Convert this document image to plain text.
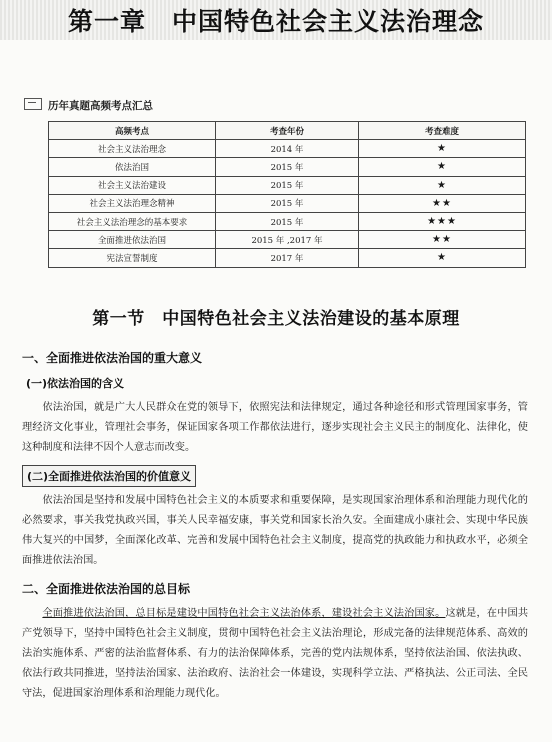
第一章　中国特色社会主义法治理念
历年真题高频考点汇总
高频考点	考查年份	考查难度
社会主义法治理念	2014 年	★
依法治国	2015 年	★
社会主义法治建设	2015 年	★
社会主义法治理念精神	2015 年	★★
社会主义法治理念的基本要求	2015 年	★★★
全面推进依法治国	2015 年 ,2017 年	★★
宪法宣誓制度	2017 年	★
第一节　中国特色社会主义法治建设的基本原理
一、全面推进依法治国的重大意义
(一)依法治国的含义

依法治国，就是广大人民群众在党的领导下，依照宪法和法律规定，通过各种途径和形式管理国家事务，管理经济文化事业，管理社会事务，保证国家各项工作都依法进行，逐步实现社会主义民主的制度化、法律化，使这种制度和法律不因个人意志而改变。

(二)全面推进依法治国的价值意义

依法治国是坚持和发展中国特色社会主义的本质要求和重要保障，是实现国家治理体系和治理能力现代化的必然要求，事关我党执政兴国，事关人民幸福安康，事关党和国家长治久安。全面建成小康社会、实现中华民族伟大复兴的中国梦，全面深化改革、完善和发展中国特色社会主义制度，提高党的执政能力和执政水平，必须全面推进依法治国。

二、全面推进依法治国的总目标

全面推进依法治国，总目标是建设中国特色社会主义法治体系，建设社会主义法治国家。这就是，在中国共产党领导下，坚持中国特色社会主义制度，贯彻中国特色社会主义法治理论，形成完备的法律规范体系、高效的法治实施体系、严密的法治监督体系、有力的法治保障体系，完善的党内法规体系，坚持依法治国、依法执政、依法行政共同推进，坚持法治国家、法治政府、法治社会一体建设，实现科学立法、严格执法、公正司法、全民守法，促进国家治理体系和治理能力现代化。
